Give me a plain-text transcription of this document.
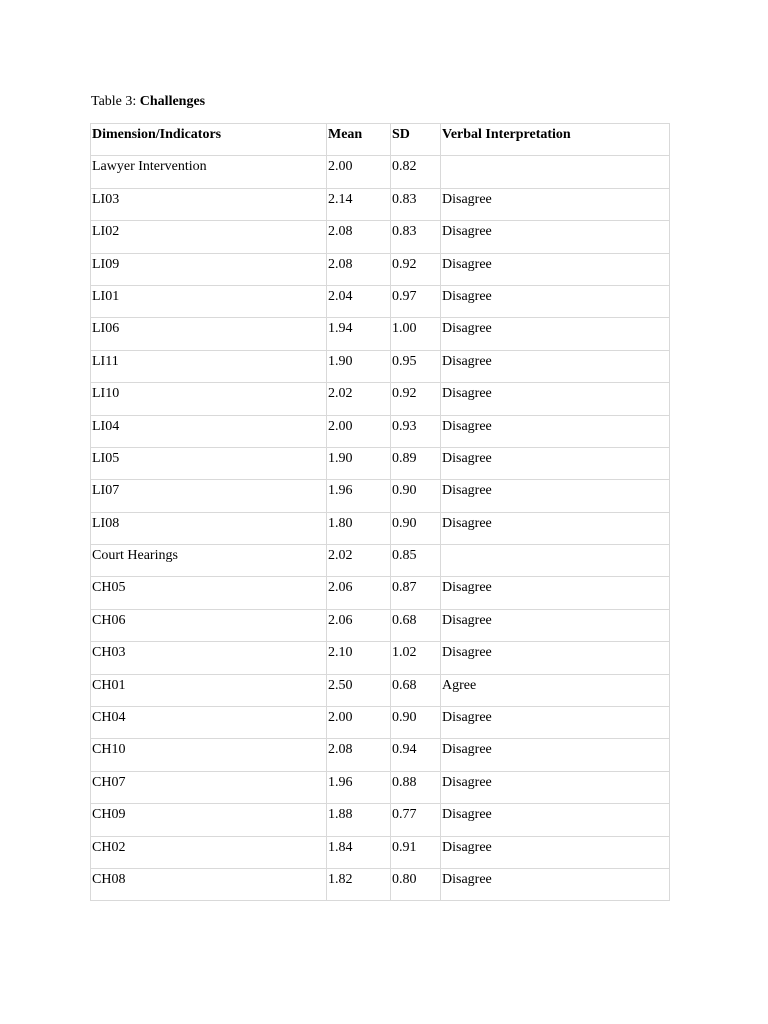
Table 3: Challenges
Dimension/Indicators	Mean	SD	Verbal Interpretation
Lawyer Intervention	2.00	0.82	
LI03	2.14	0.83	Disagree
LI02	2.08	0.83	Disagree
LI09	2.08	0.92	Disagree
LI01	2.04	0.97	Disagree
LI06	1.94	1.00	Disagree
LI11	1.90	0.95	Disagree
LI10	2.02	0.92	Disagree
LI04	2.00	0.93	Disagree
LI05	1.90	0.89	Disagree
LI07	1.96	0.90	Disagree
LI08	1.80	0.90	Disagree
Court Hearings	2.02	0.85	
CH05	2.06	0.87	Disagree
CH06	2.06	0.68	Disagree
CH03	2.10	1.02	Disagree
CH01	2.50	0.68	Agree
CH04	2.00	0.90	Disagree
CH10	2.08	0.94	Disagree
CH07	1.96	0.88	Disagree
CH09	1.88	0.77	Disagree
CH02	1.84	0.91	Disagree
CH08	1.82	0.80	Disagree
